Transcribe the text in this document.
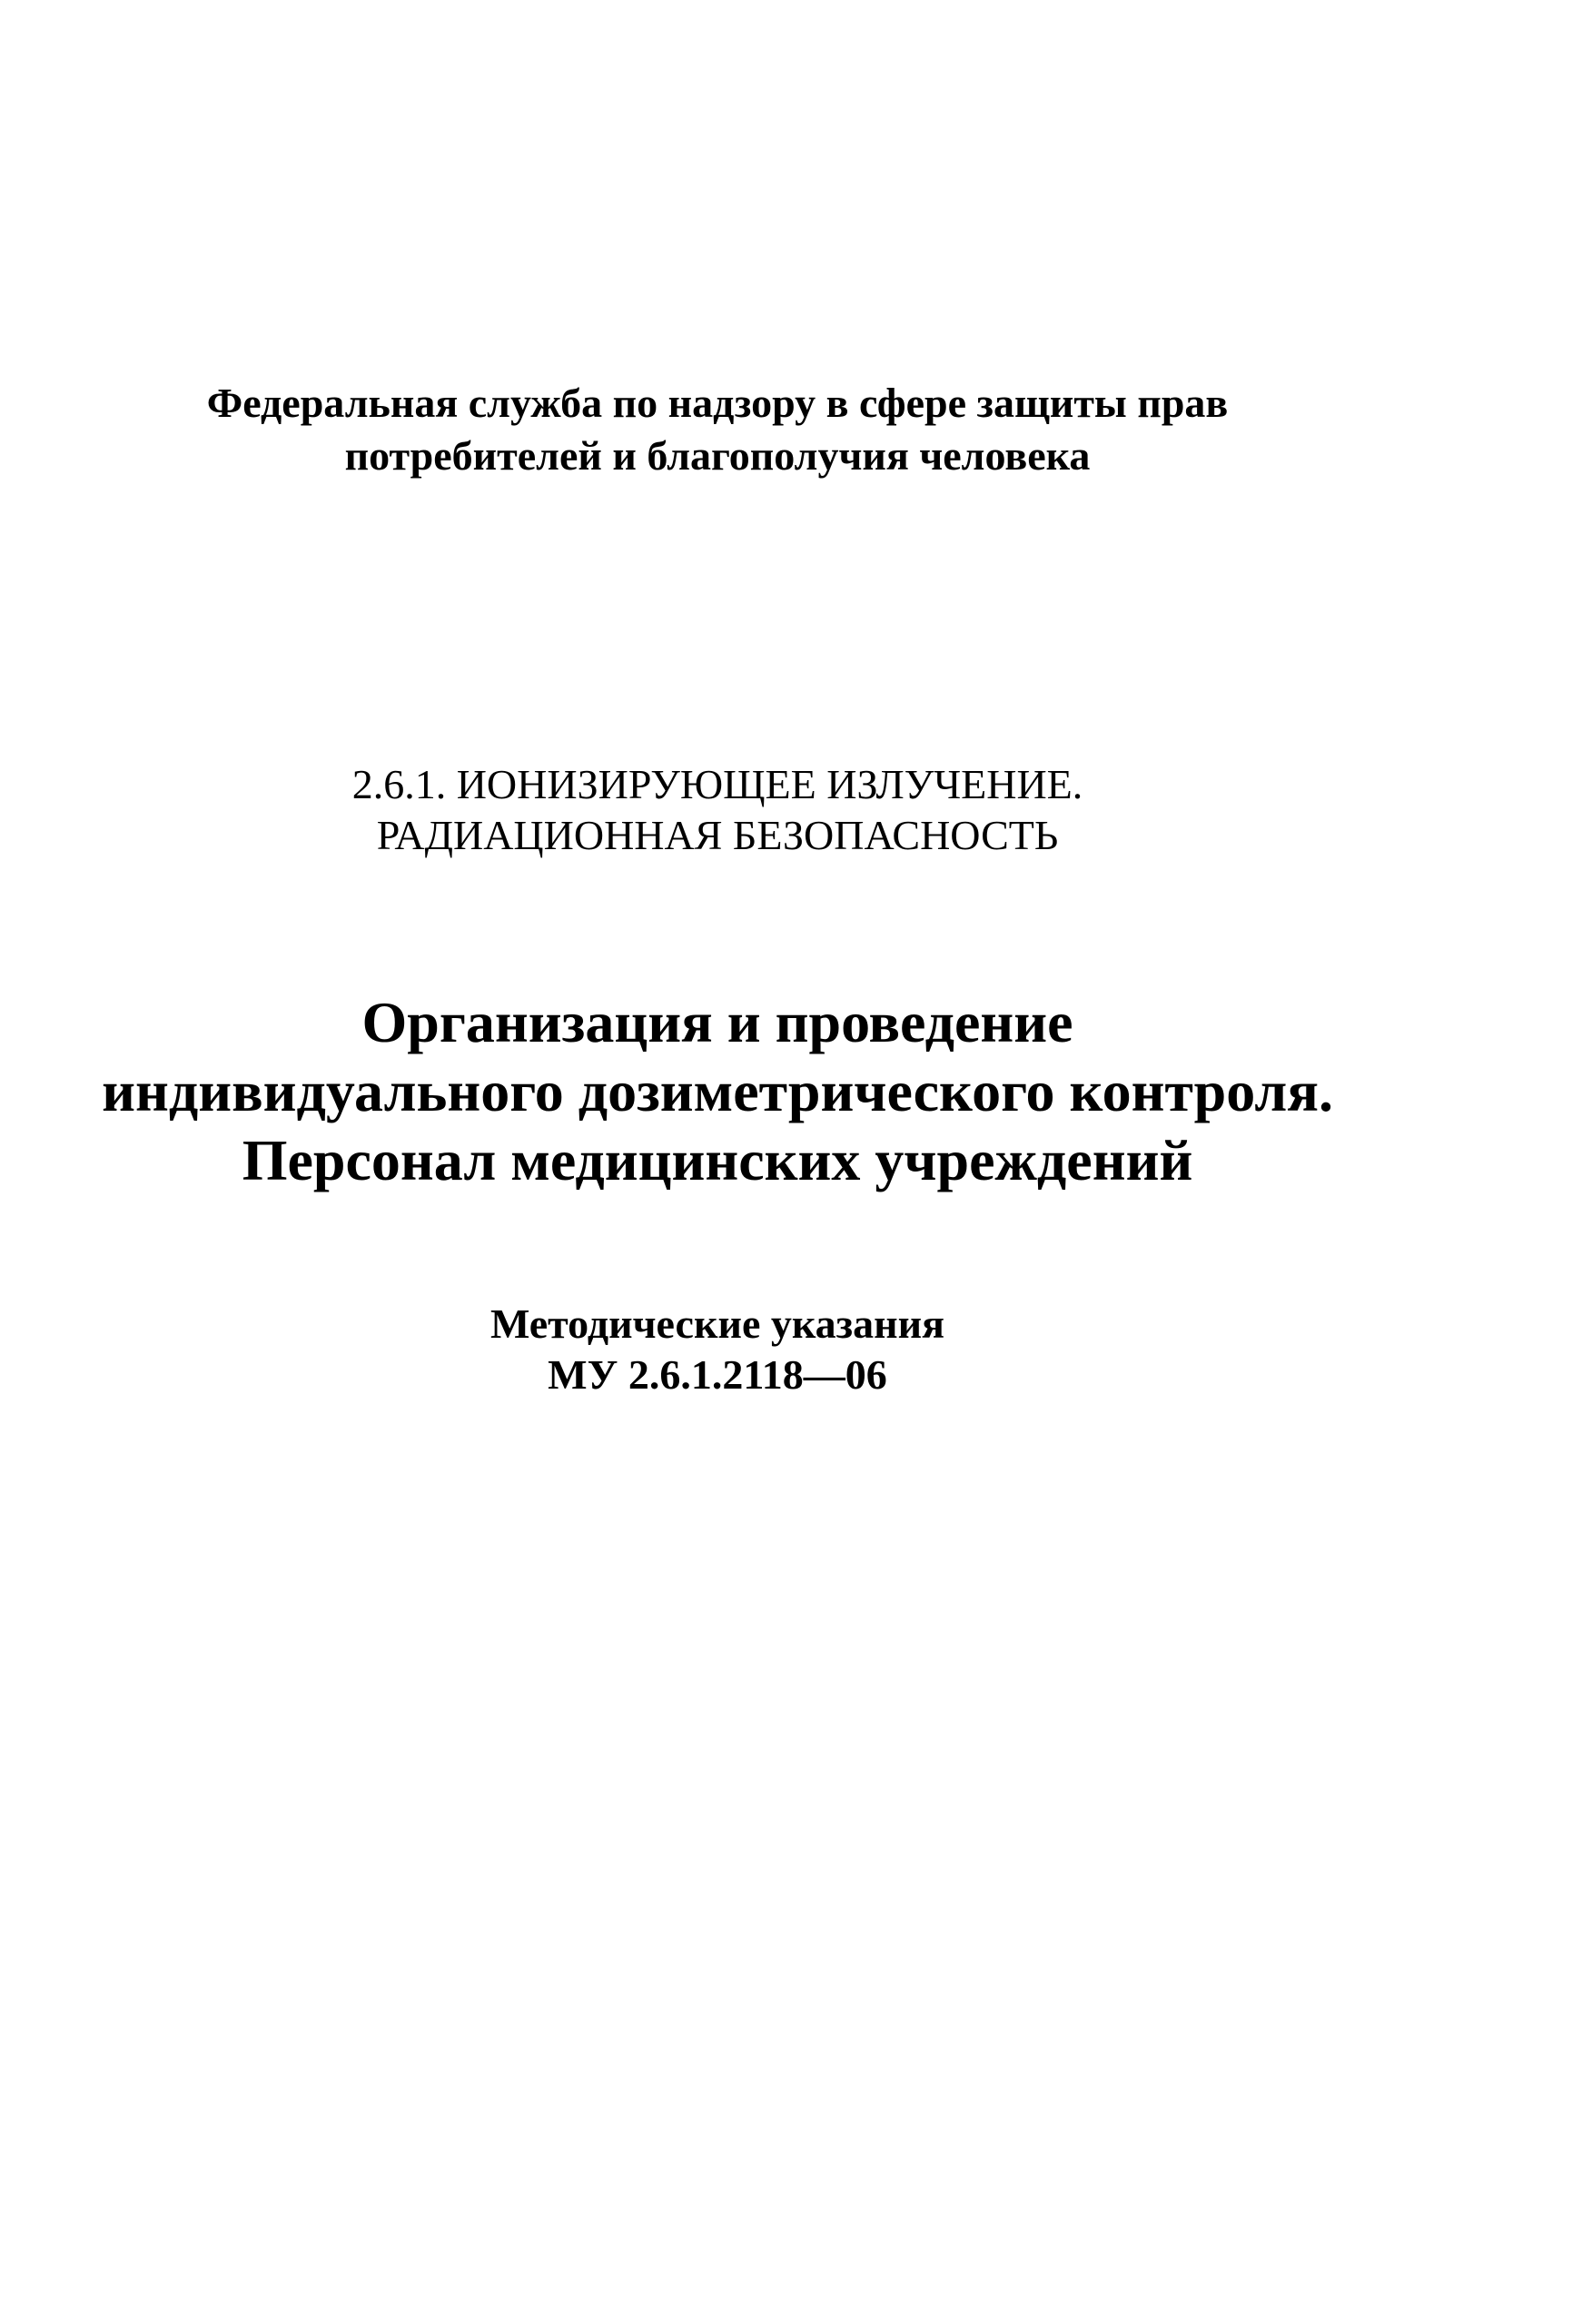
Федеральная служба по надзору в сфере защиты прав
потребителей и благополучия человека
2.6.1. ИОНИЗИРУЮЩЕЕ ИЗЛУЧЕНИЕ.
РАДИАЦИОННАЯ БЕЗОПАСНОСТЬ
Организация и проведение
индивидуального дозиметрического контроля.
Персонал медицинских учреждений
Методические указания
МУ 2.6.1.2118—06
